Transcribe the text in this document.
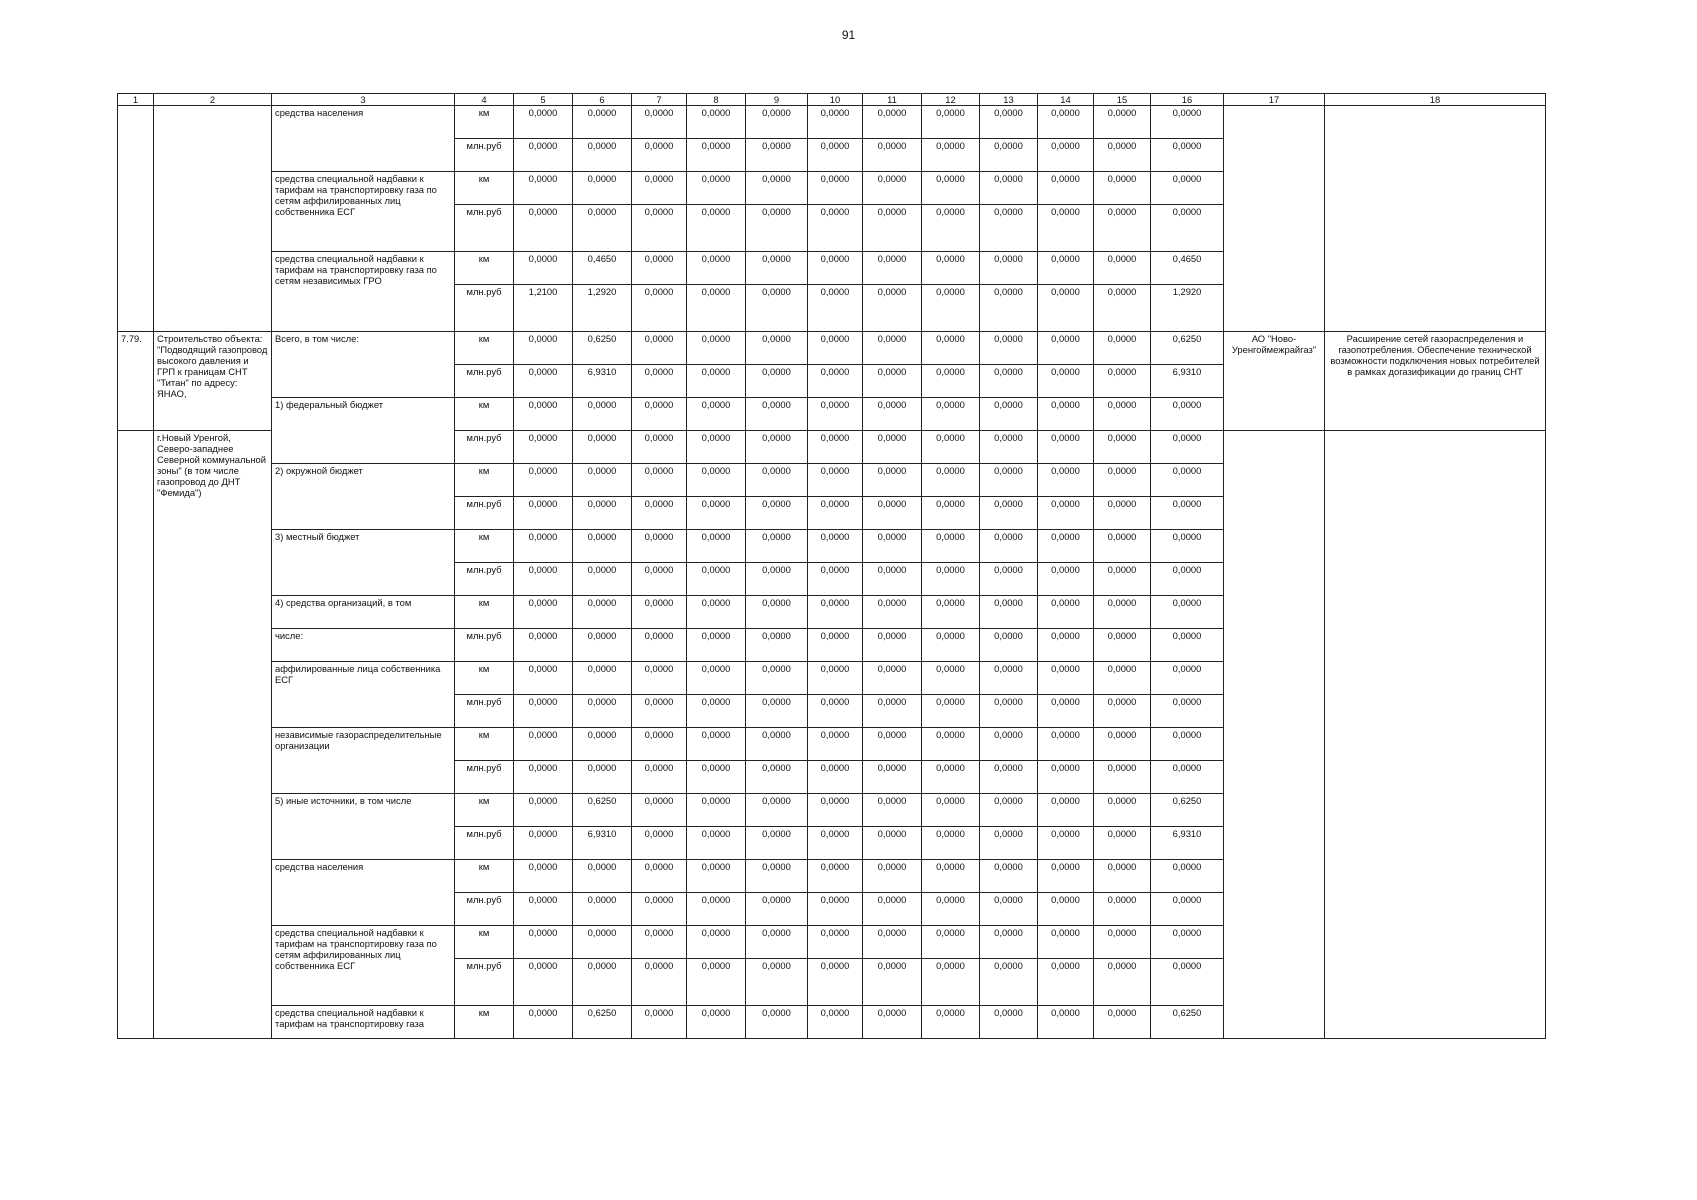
91
1	2	3	4	5	6	7	8	9	10	11	12	13	14	15	16	17	18
		средства населения	км	0,0000	0,0000	0,0000	0,0000	0,0000	0,0000	0,0000	0,0000	0,0000	0,0000	0,0000	0,0000		
			млн.руб	0,0000	0,0000	0,0000	0,0000	0,0000	0,0000	0,0000	0,0000	0,0000	0,0000	0,0000	0,0000		
		средства специальной надбавки к тарифам на транспортировку газа по сетям аффилированных лиц собственника ЕСГ	км	0,0000	0,0000	0,0000	0,0000	0,0000	0,0000	0,0000	0,0000	0,0000	0,0000	0,0000	0,0000		
			млн.руб	0,0000	0,0000	0,0000	0,0000	0,0000	0,0000	0,0000	0,0000	0,0000	0,0000	0,0000	0,0000		
		средства специальной надбавки к тарифам на транспортировку газа по сетям независимых ГРО	км	0,0000	0,4650	0,0000	0,0000	0,0000	0,0000	0,0000	0,0000	0,0000	0,0000	0,0000	0,4650		
			млн.руб	1,2100	1,2920	0,0000	0,0000	0,0000	0,0000	0,0000	0,0000	0,0000	0,0000	0,0000	1,2920		
7.79.	Строительство объекта: "Подводящий газопровод высокого давления и ГРП к границам СНТ "Титан" по адресу: ЯНАО,	Всего, в том числе:	км	0,0000	0,6250	0,0000	0,0000	0,0000	0,0000	0,0000	0,0000	0,0000	0,0000	0,0000	0,6250	АО "Ново-Уренгоймежрайгаз"	Расширение сетей газораспределения и газопотребления. Обеспечение технической возможности подключения новых потребителей в рамках догазификации до границ СНТ
			млн.руб	0,0000	6,9310	0,0000	0,0000	0,0000	0,0000	0,0000	0,0000	0,0000	0,0000	0,0000	6,9310		
		1) федеральный бюджет	км	0,0000	0,0000	0,0000	0,0000	0,0000	0,0000	0,0000	0,0000	0,0000	0,0000	0,0000	0,0000		
	г.Новый Уренгой, Северо-западнее Северной коммунальной зоны" (в том числе газопровод до ДНТ "Фемида")		млн.руб	0,0000	0,0000	0,0000	0,0000	0,0000	0,0000	0,0000	0,0000	0,0000	0,0000	0,0000	0,0000		
		2) окружной бюджет	км	0,0000	0,0000	0,0000	0,0000	0,0000	0,0000	0,0000	0,0000	0,0000	0,0000	0,0000	0,0000		
			млн.руб	0,0000	0,0000	0,0000	0,0000	0,0000	0,0000	0,0000	0,0000	0,0000	0,0000	0,0000	0,0000		
		3) местный бюджет	км	0,0000	0,0000	0,0000	0,0000	0,0000	0,0000	0,0000	0,0000	0,0000	0,0000	0,0000	0,0000		
			млн.руб	0,0000	0,0000	0,0000	0,0000	0,0000	0,0000	0,0000	0,0000	0,0000	0,0000	0,0000	0,0000		
		4) средства организаций, в том	км	0,0000	0,0000	0,0000	0,0000	0,0000	0,0000	0,0000	0,0000	0,0000	0,0000	0,0000	0,0000		
		числе:	млн.руб	0,0000	0,0000	0,0000	0,0000	0,0000	0,0000	0,0000	0,0000	0,0000	0,0000	0,0000	0,0000		
		аффилированные лица собственника ЕСГ	км	0,0000	0,0000	0,0000	0,0000	0,0000	0,0000	0,0000	0,0000	0,0000	0,0000	0,0000	0,0000		
			млн.руб	0,0000	0,0000	0,0000	0,0000	0,0000	0,0000	0,0000	0,0000	0,0000	0,0000	0,0000	0,0000		
		независимые газораспределительные организации	км	0,0000	0,0000	0,0000	0,0000	0,0000	0,0000	0,0000	0,0000	0,0000	0,0000	0,0000	0,0000		
			млн.руб	0,0000	0,0000	0,0000	0,0000	0,0000	0,0000	0,0000	0,0000	0,0000	0,0000	0,0000	0,0000		
		5) иные источники, в том числе	км	0,0000	0,6250	0,0000	0,0000	0,0000	0,0000	0,0000	0,0000	0,0000	0,0000	0,0000	0,6250		
			млн.руб	0,0000	6,9310	0,0000	0,0000	0,0000	0,0000	0,0000	0,0000	0,0000	0,0000	0,0000	6,9310		
		средства населения	км	0,0000	0,0000	0,0000	0,0000	0,0000	0,0000	0,0000	0,0000	0,0000	0,0000	0,0000	0,0000		
			млн.руб	0,0000	0,0000	0,0000	0,0000	0,0000	0,0000	0,0000	0,0000	0,0000	0,0000	0,0000	0,0000		
		средства специальной надбавки к тарифам на транспортировку газа по сетям аффилированных лиц собственника ЕСГ	км	0,0000	0,0000	0,0000	0,0000	0,0000	0,0000	0,0000	0,0000	0,0000	0,0000	0,0000	0,0000		
			млн.руб	0,0000	0,0000	0,0000	0,0000	0,0000	0,0000	0,0000	0,0000	0,0000	0,0000	0,0000	0,0000		
		средства специальной надбавки к тарифам на транспортировку газа	км	0,0000	0,6250	0,0000	0,0000	0,0000	0,0000	0,0000	0,0000	0,0000	0,0000	0,0000	0,6250		
